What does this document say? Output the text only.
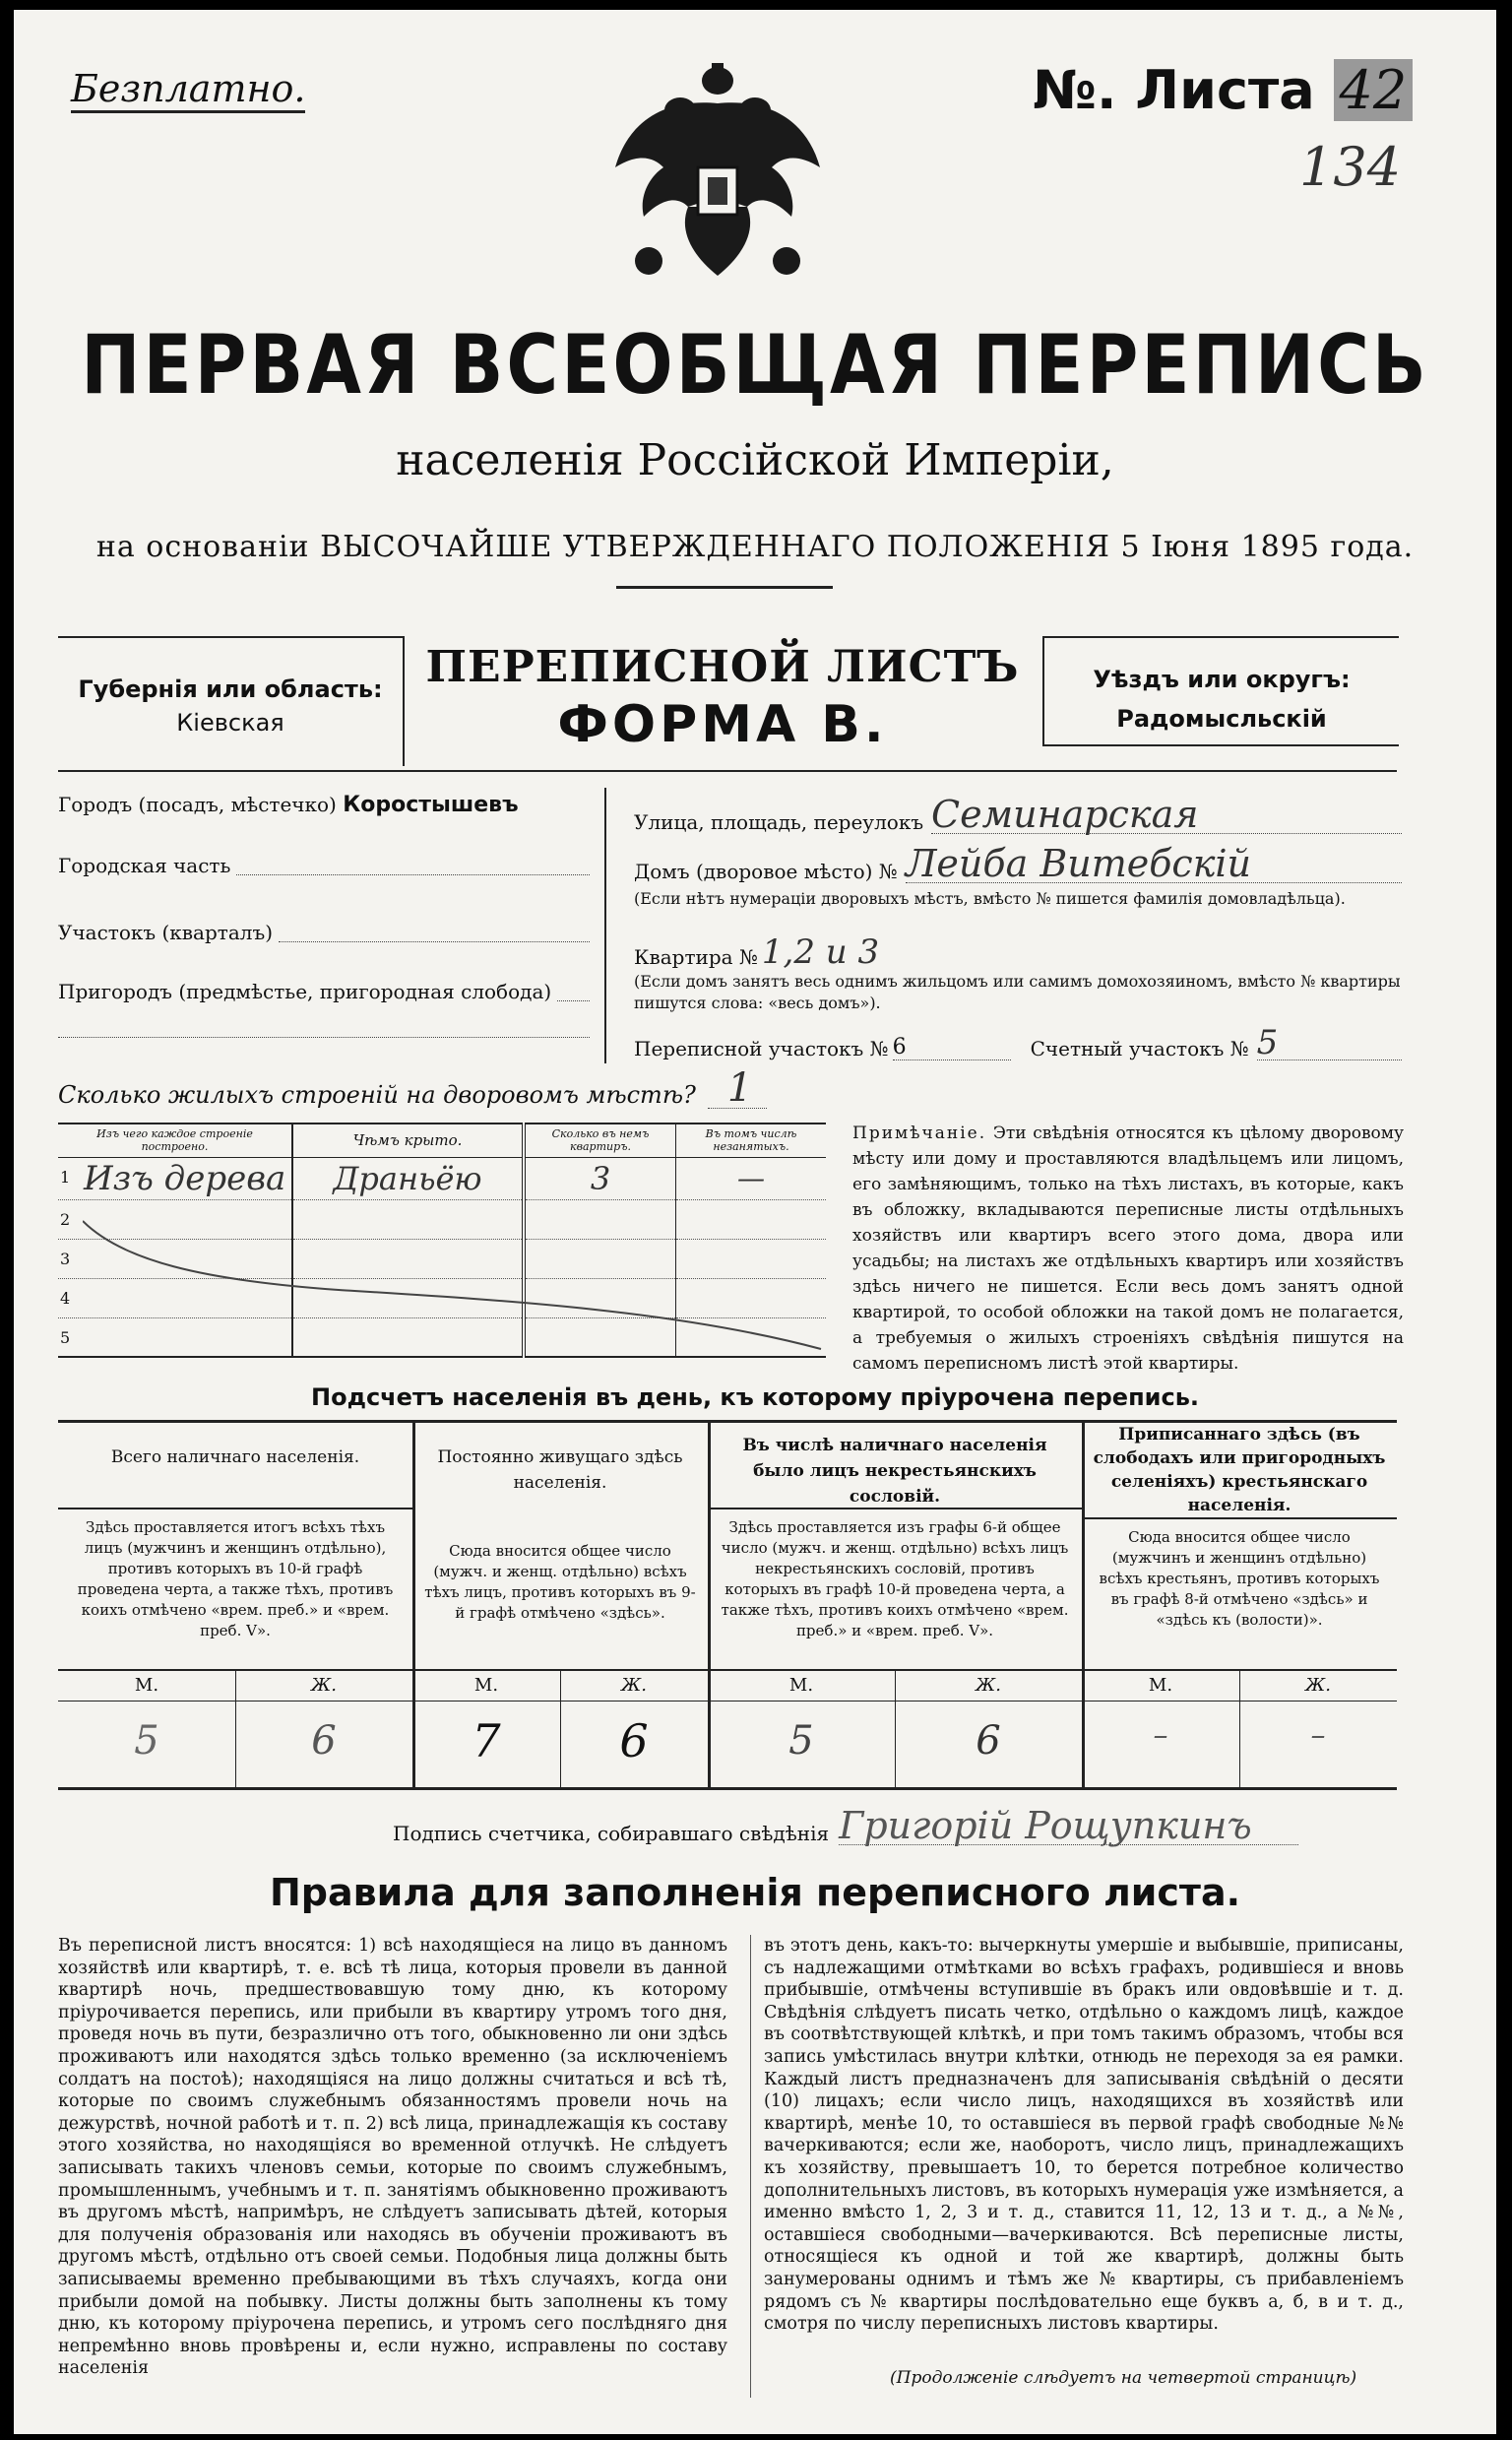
Безплатно.	№. Листа 42
134
ПЕРВАЯ ВСЕОБЩАЯ ПЕРЕПИСЬ
населенія Россійской Имперіи,
на основаніи ВЫСОЧАЙШЕ УТВЕРЖДЕННАГО ПОЛОЖЕНІЯ 5 Іюня 1895 года.
Губернія или область:
Кіевская
ПЕРЕПИСНОЙ ЛИСТЪ
ФОРМА В.
Уѣздъ или округъ:
Радомысльскій
Городъ (посадъ, мѣстечко) Коростышевъ
Городская часть
Участокъ (кварталъ)
Пригородъ (предмѣстье, пригородная слобода)
Улица, площадь, переулокъ Семинарская
Домъ (дворовое мѣсто) № Лейба Витебскій
(Если нѣтъ нумераціи дворовыхъ мѣстъ, вмѣсто № пишется фамилія домовладѣльца).
Квартира № 1,2 и 3
(Если домъ занятъ весь однимъ жильцомъ или самимъ домохозяиномъ, вмѣсто № квартиры пишутся слова: «весь домъ»).
Переписной участокъ № 6	Счетный участокъ № 5
Сколько жилыхъ строеній на дворовомъ мѣстѣ? 1
Изъ чего каждое строеніе построено.	Чѣмъ крыто.	Сколько въ немъ квартиръ.	Въ томъ числѣ незанятыхъ.

1 Изъ дерева	Драньёю	3	—

2			

3			

4			

5			

Примѣчаніе. Эти свѣдѣнія относятся къ цѣлому дворовому мѣсту или дому и проставляются владѣльцемъ или лицомъ, его замѣняющимъ, только на тѣхъ листахъ, въ которые, какъ въ обложку, вкладываются переписные листы отдѣльныхъ хозяйствъ или квартиръ всего этого дома, двора или усадьбы; на листахъ же отдѣльныхъ квартиръ или хозяйствъ здѣсь ничего не пишется. Если весь домъ занятъ одной квартирой, то особой обложки на такой домъ не полагается, а требуемыя о жилыхъ строеніяхъ свѣдѣнія пишутся на самомъ переписномъ листѣ этой квартиры.
Подсчетъ населенія въ день, къ которому пріурочена перепись.
Всего наличнаго населенія.
Здѣсь проставляется итогъ всѣхъ тѣхъ лицъ (мужчинъ и женщинъ отдѣльно), противъ которыхъ въ 10-й графѣ проведена черта, а также тѣхъ, противъ коихъ отмѣчено «врем. преб.» и «врем. преб. V».
М.	Ж.
5	6
Постоянно живущаго здѣсь населенія.
Сюда вносится общее число (мужч. и женщ. отдѣльно) всѣхъ тѣхъ лицъ, противъ которыхъ въ 9-й графѣ отмѣчено «здѣсь».
М.	Ж.
7	6
Въ числѣ наличнаго населенія было лицъ некрестьянскихъ сословій.
Здѣсь проставляется изъ графы 6-й общее число (мужч. и женщ. отдѣльно) всѣхъ лицъ некрестьянскихъ сословій, противъ которыхъ въ графѣ 10-й проведена черта, а также тѣхъ, противъ коихъ отмѣчено «врем. преб.» и «врем. преб. V».
М.	Ж.
5	6
Приписаннаго здѣсь (въ слободахъ или пригородныхъ селеніяхъ) крестьянскаго населенія.
Сюда вносится общее число (мужчинъ и женщинъ отдѣльно) всѣхъ крестьянъ, противъ которыхъ въ графѣ 8-й отмѣчено «здѣсь» и «здѣсь къ (волости)».
М.	Ж.
–	–
Подпись счетчика, собиравшаго свѣдѣнія Григорій Рощупкинъ
Правила для заполненія переписного листа.
Въ переписной листъ вносятся: 1) всѣ находящіеся на лицо въ данномъ хозяйствѣ или квартирѣ, т. е. всѣ тѣ лица, которыя провели въ данной квартирѣ ночь, предшествовавшую тому дню, къ которому пріурочивается перепись, или прибыли въ квартиру утромъ того дня, проведя ночь въ пути, безразлично отъ того, обыкновенно ли они здѣсь проживаютъ или находятся здѣсь только временно (за исключеніемъ солдатъ на постоѣ); находящіяся на лицо должны считаться и всѣ тѣ, которые по своимъ служебнымъ обязанностямъ провели ночь на дежурствѣ, ночной работѣ и т. п. 2) всѣ лица, принадлежащія къ составу этого хозяйства, но находящіяся во временной отлучкѣ. Не слѣдуетъ записывать такихъ членовъ семьи, которые по своимъ служебнымъ, промышленнымъ, учебнымъ и т. п. занятіямъ обыкновенно проживаютъ въ другомъ мѣстѣ, напримѣръ, не слѣдуетъ записывать дѣтей, которыя для полученія образованія или находясь въ обученіи проживаютъ въ другомъ мѣстѣ, отдѣльно отъ своей семьи. Подобныя лица должны быть записываемы временно пребывающими въ тѣхъ случаяхъ, когда они прибыли домой на побывку. Листы должны быть заполнены къ тому дню, къ которому пріурочена перепись, и утромъ сего послѣдняго дня непремѣнно вновь провѣрены и, если нужно, исправлены по составу населенія
въ этотъ день, какъ-то: вычеркнуты умершіе и выбывшіе, приписаны, съ надлежащими отмѣтками во всѣхъ графахъ, родившіеся и вновь прибывшіе, отмѣчены вступившіе въ бракъ или овдовѣвшіе и т. д. Свѣдѣнія слѣдуетъ писать четко, отдѣльно о каждомъ лицѣ, каждое въ соотвѣтствующей клѣткѣ, и при томъ такимъ образомъ, чтобы вся запись умѣстилась внутри клѣтки, отнюдь не переходя за ея рамки. Каждый листъ предназначенъ для записыванія свѣдѣній о десяти (10) лицахъ; если число лицъ, находящихся въ хозяйствѣ или квартирѣ, менѣе 10, то оставшіеся въ первой графѣ свободные №№ вачеркиваются; если же, наоборотъ, число лицъ, принадлежащихъ къ хозяйству, превышаетъ 10, то берется потребное количество дополнительныхъ листовъ, въ которыхъ нумерація уже измѣняется, а именно вмѣсто 1, 2, 3 и т. д., ставится 11, 12, 13 и т. д., а №№, оставшіеся свободными—вачеркиваются. Всѣ переписные листы, относящіеся къ одной и той же квартирѣ, должны быть занумерованы однимъ и тѣмъ же № квартиры, съ прибавленіемъ рядомъ съ № квартиры послѣдовательно еще буквъ а, б, в и т. д., смотря по числу переписныхъ листовъ квартиры.
(Продолженіе слѣдуетъ на четвертой страницѣ)
